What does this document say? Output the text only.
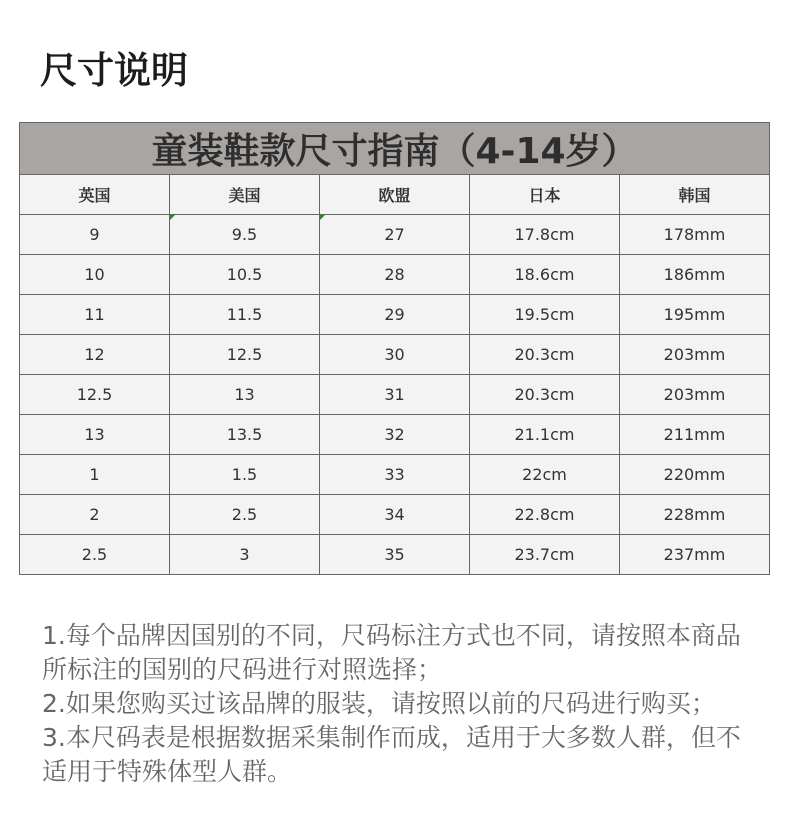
尺寸说明
童装鞋款尺寸指南（4-14岁）
英国	美国	欧盟	日本	韩国
9	9.5	27	17.8cm	178mm
10	10.5	28	18.6cm	186mm
11	11.5	29	19.5cm	195mm
12	12.5	30	20.3cm	203mm
12.5	13	31	20.3cm	203mm
13	13.5	32	21.1cm	211mm
1	1.5	33	22cm	220mm
2	2.5	34	22.8cm	228mm
2.5	3	35	23.7cm	237mm

1.每个品牌因国别的不同，尺码标注方式也不同，请按照本商品所标注的国别的尺码进行对照选择；

2.如果您购买过该品牌的服装，请按照以前的尺码进行购买；

3.本尺码表是根据数据采集制作而成，适用于大多数人群，但不适用于特殊体型人群。
